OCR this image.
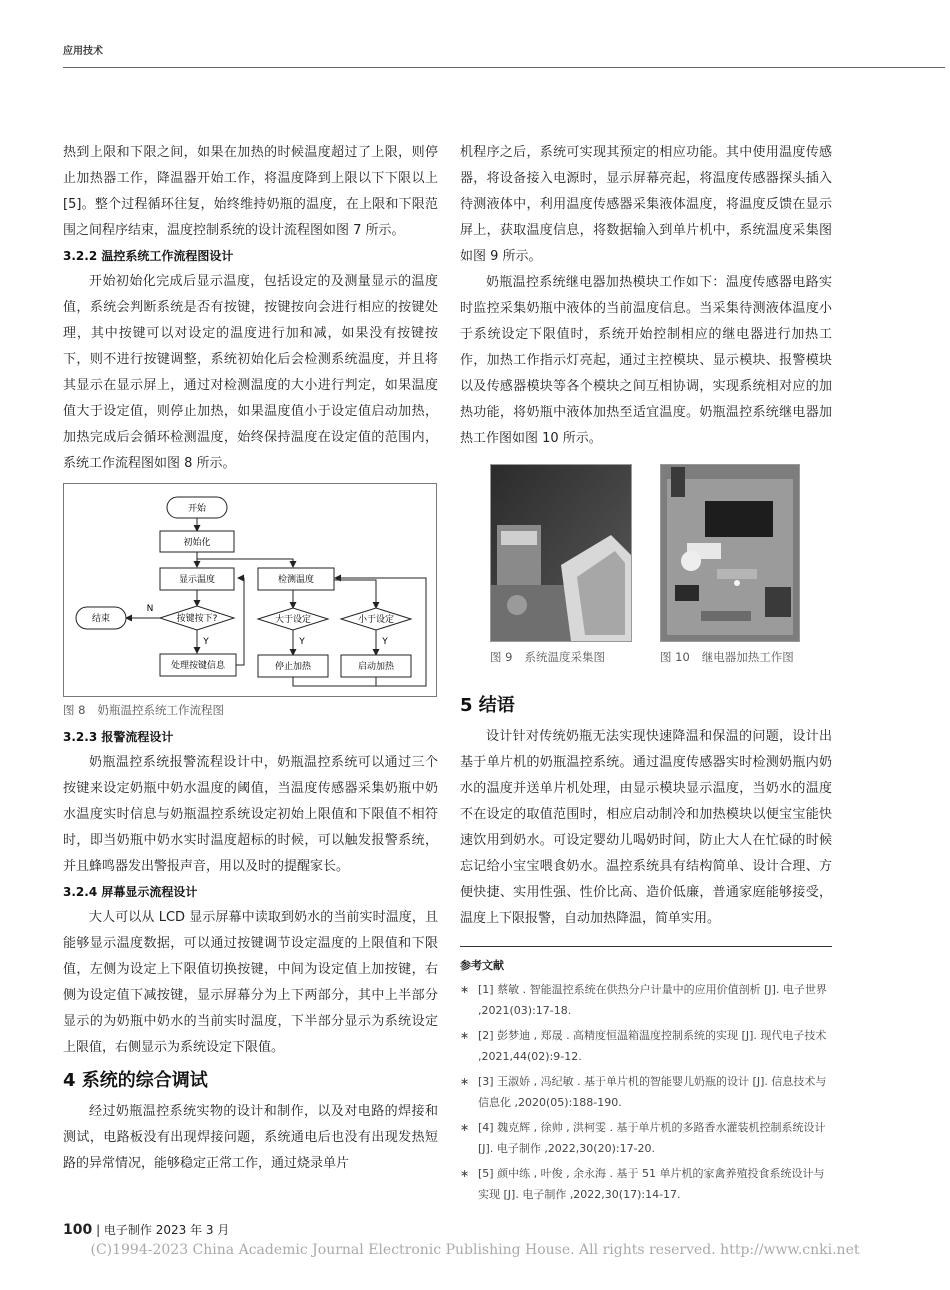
应用技术

热到上限和下限之间，如果在加热的时候温度超过了上限，则停止加热器工作，降温器开始工作，将温度降到上限以下下限以上 [5]。整个过程循环往复，始终维持奶瓶的温度，在上限和下限范围之间程序结束，温度控制系统的设计流程图如图 7 所示。

3.2.2 温控系统工作流程图设计

开始初始化完成后显示温度，包括设定的及测量显示的温度值，系统会判断系统是否有按键，按键按向会进行相应的按键处理，其中按键可以对设定的温度进行加和减，如果没有按键按下，则不进行按键调整，系统初始化后会检测系统温度，并且将其显示在显示屏上，通过对检测温度的大小进行判定，如果温度值大于设定值，则停止加热，如果温度值小于设定值启动加热，加热完成后会循环检测温度，始终保持温度在设定值的范围内，系统工作流程图如图 8 所示。

开始
初始化
显示温度	检测温度
按键按下?
结束
N
大于设定	小于设定
Y	Y	Y
处理按键信息	停止加热	启动加热
图 8 奶瓶温控系统工作流程图
3.2.3 报警流程设计

奶瓶温控系统报警流程设计中，奶瓶温控系统可以通过三个按键来设定奶瓶中奶水温度的阈值，当温度传感器采集奶瓶中奶水温度实时信息与奶瓶温控系统设定初始上限值和下限值不相符时，即当奶瓶中奶水实时温度超标的时候，可以触发报警系统，并且蜂鸣器发出警报声音，用以及时的提醒家长。

3.2.4 屏幕显示流程设计

大人可以从 LCD 显示屏幕中读取到奶水的当前实时温度，且能够显示温度数据，可以通过按键调节设定温度的上限值和下限值，左侧为设定上下限值切换按键，中间为设定值上加按键，右侧为设定值下减按键，显示屏幕分为上下两部分，其中上半部分显示的为奶瓶中奶水的当前实时温度，下半部分显示为系统设定上限值，右侧显示为系统设定下限值。

4 系统的综合调试

经过奶瓶温控系统实物的设计和制作，以及对电路的焊接和测试，电路板没有出现焊接问题，系统通电后也没有出现发热短路的异常情况，能够稳定正常工作，通过烧录单片

机程序之后，系统可实现其预定的相应功能。其中使用温度传感器，将设备接入电源时，显示屏幕亮起，将温度传感器探头插入待测液体中，利用温度传感器采集液体温度，将温度反馈在显示屏上，获取温度信息，将数据输入到单片机中，系统温度采集图如图 9 所示。

奶瓶温控系统继电器加热模块工作如下：温度传感器电路实时监控采集奶瓶中液体的当前温度信息。当采集待测液体温度小于系统设定下限值时，系统开始控制相应的继电器进行加热工作，加热工作指示灯亮起，通过主控模块、显示模块、报警模块以及传感器模块等各个模块之间互相协调，实现系统相对应的加热功能，将奶瓶中液体加热至适宜温度。奶瓶温控系统继电器加热工作图如图 10 所示。

图 9 系统温度采集图	图 10 继电器加热工作图
5 结语

设计针对传统奶瓶无法实现快速降温和保温的问题，设计出基于单片机的奶瓶温控系统。通过温度传感器实时检测奶瓶内奶水的温度并送单片机处理，由显示模块显示温度，当奶水的温度不在设定的取值范围时，相应启动制冷和加热模块以便宝宝能快速饮用到奶水。可设定婴幼儿喝奶时间，防止大人在忙碌的时候忘记给小宝宝喂食奶水。温控系统具有结构简单、设计合理、方便快捷、实用性强、性价比高、造价低廉，普通家庭能够接受，温度上下限报警，自动加热降温，简单实用。

参考文献
∗ [1] 蔡敏 . 智能温控系统在供热分户计量中的应用价值剖析 [J]. 电子世界 ,2021(03):17-18.
∗ [2] 彭梦迪 , 郑晟 . 高精度恒温箱温度控制系统的实现 [J]. 现代电子技术 ,2021,44(02):9-12.
∗ [3] 王淑娇 , 冯纪敏 . 基于单片机的智能婴儿奶瓶的设计 [J]. 信息技术与信息化 ,2020(05):188-190.
∗ [4] 魏克辉 , 徐帅 , 洪柯雯 . 基于单片机的多路香水灌装机控制系统设计 [J]. 电子制作 ,2022,30(20):17-20.
∗ [5] 颜中练 , 叶俊 , 余永海 . 基于 51 单片机的家禽养殖投食系统设计与实现 [J]. 电子制作 ,2022,30(17):14-17.
100 | 电子制作 2023 年 3 月
(C)1994-2023 China Academic Journal Electronic Publishing House. All rights reserved. http://www.cnki.net
